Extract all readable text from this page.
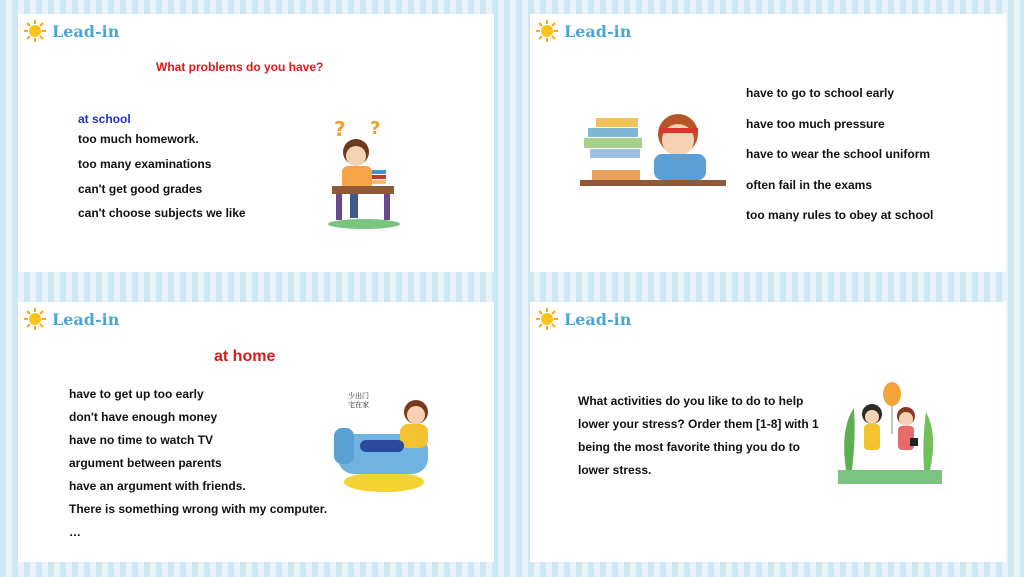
Lead-in
What problems do you have?
at school
too much homework.
too many examinations
can't get good grades
can't choose subjects we like
? ?
Lead-in
have to go to school early
have too much pressure
have to wear the school uniform
often fail in the exams
too many rules to obey at school
Lead-in
at home
have to get up too early
don't have enough money
have no time to watch TV
argument between parents
have an argument with friends.
There is something wrong with my computer.
…
少出门 宅在家
Lead-in
What activities do you like to do to help
lower your stress? Order them [1-8] with 1
being the most favorite thing you do to
lower stress.
